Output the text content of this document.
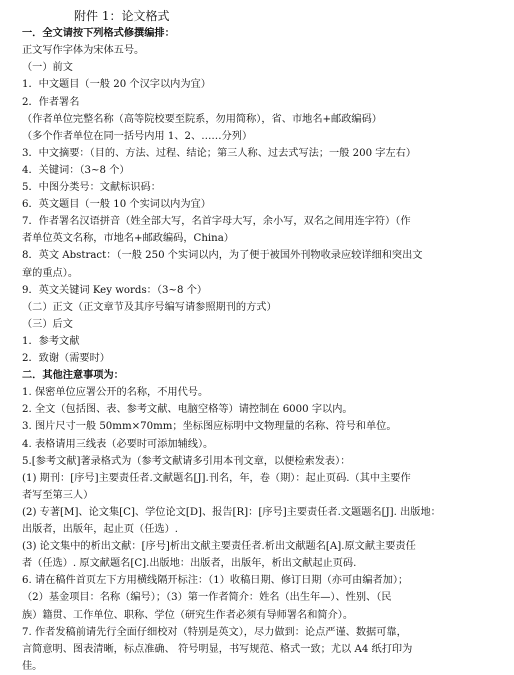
附件 1：论文格式
一．全文请按下列格式修撰编排：
正文写作字体为宋体五号。
（一）前文
1．中文题目（一般 20 个汉字以内为宜）
2．作者署名
（作者单位完整名称（高等院校要至院系，勿用简称），省、市地名+邮政编码）
（多个作者单位在同一括号内用 1、2、……分列）
3．中文摘要：（目的、方法、过程、结论；第三人称、过去式写法；一般 200 字左右）
4．关键词：（3~8 个）
5．中图分类号：文献标识码：
6．英文题目（一般 10 个实词以内为宜）
7．作者署名汉语拼音（姓全部大写，名首字母大写，余小写，双名之间用连字符）（作
者单位英文名称，市地名+邮政编码，China）
8．英文 Abstract：（一般 250 个实词以内，为了便于被国外刊物收录应较详细和突出文
章的重点）。
9．英文关键词 Key words：（3~8 个）
（二）正文（正文章节及其序号编写请参照期刊的方式）
（三）后文
1．参考文献
2．致谢（需要时）
二．其他注意事项为：
1. 保密单位应署公开的名称，不用代号。
2. 全文（包括图、表、参考文献、电脑空格等）请控制在 6000 字以内。
3. 图片尺寸一般 50mm×70mm；坐标图应标明中文物理量的名称、符号和单位。
4. 表格请用三线表（必要时可添加辅线）。
5.[参考文献]著录格式为（参考文献请多引用本刊文章，以便检索发表）：
(1) 期刊：[序号]主要责任者.文献题名[J].刊名，年，卷（期）：起止页码.（其中主要作
者写至第三人）
(2) 专著[M]、论文集[C]、学位论文[D]、报告[R]：[序号]主要责任者.文题题名[J]. 出版地：
出版者，出版年，起止页（任选）.
(3) 论文集中的析出文献：[序号]析出文献主要责任者.析出文献题名[A].原文献主要责任
者（任选）. 原文献题名[C].出版地：出版者，出版年，析出文献起止页码.
6. 请在稿件首页左下方用横线隔开标注：（1）收稿日期、修订日期（亦可由编者加）；
（2）基金项目：名称（编号）；（3）第一作者简介：姓名（出生年—）、性别、（民
族）籍贯、工作单位、职称、学位（研究生作者必须有导师署名和简介）。
7. 作者发稿前请先行全面仔细校对（特别是英文），尽力做到：论点严谨、数据可靠，
言简意明、图表清晰，标点准确、 符号明显，书写规范、格式一致；尤以 A4 纸打印为
佳。
